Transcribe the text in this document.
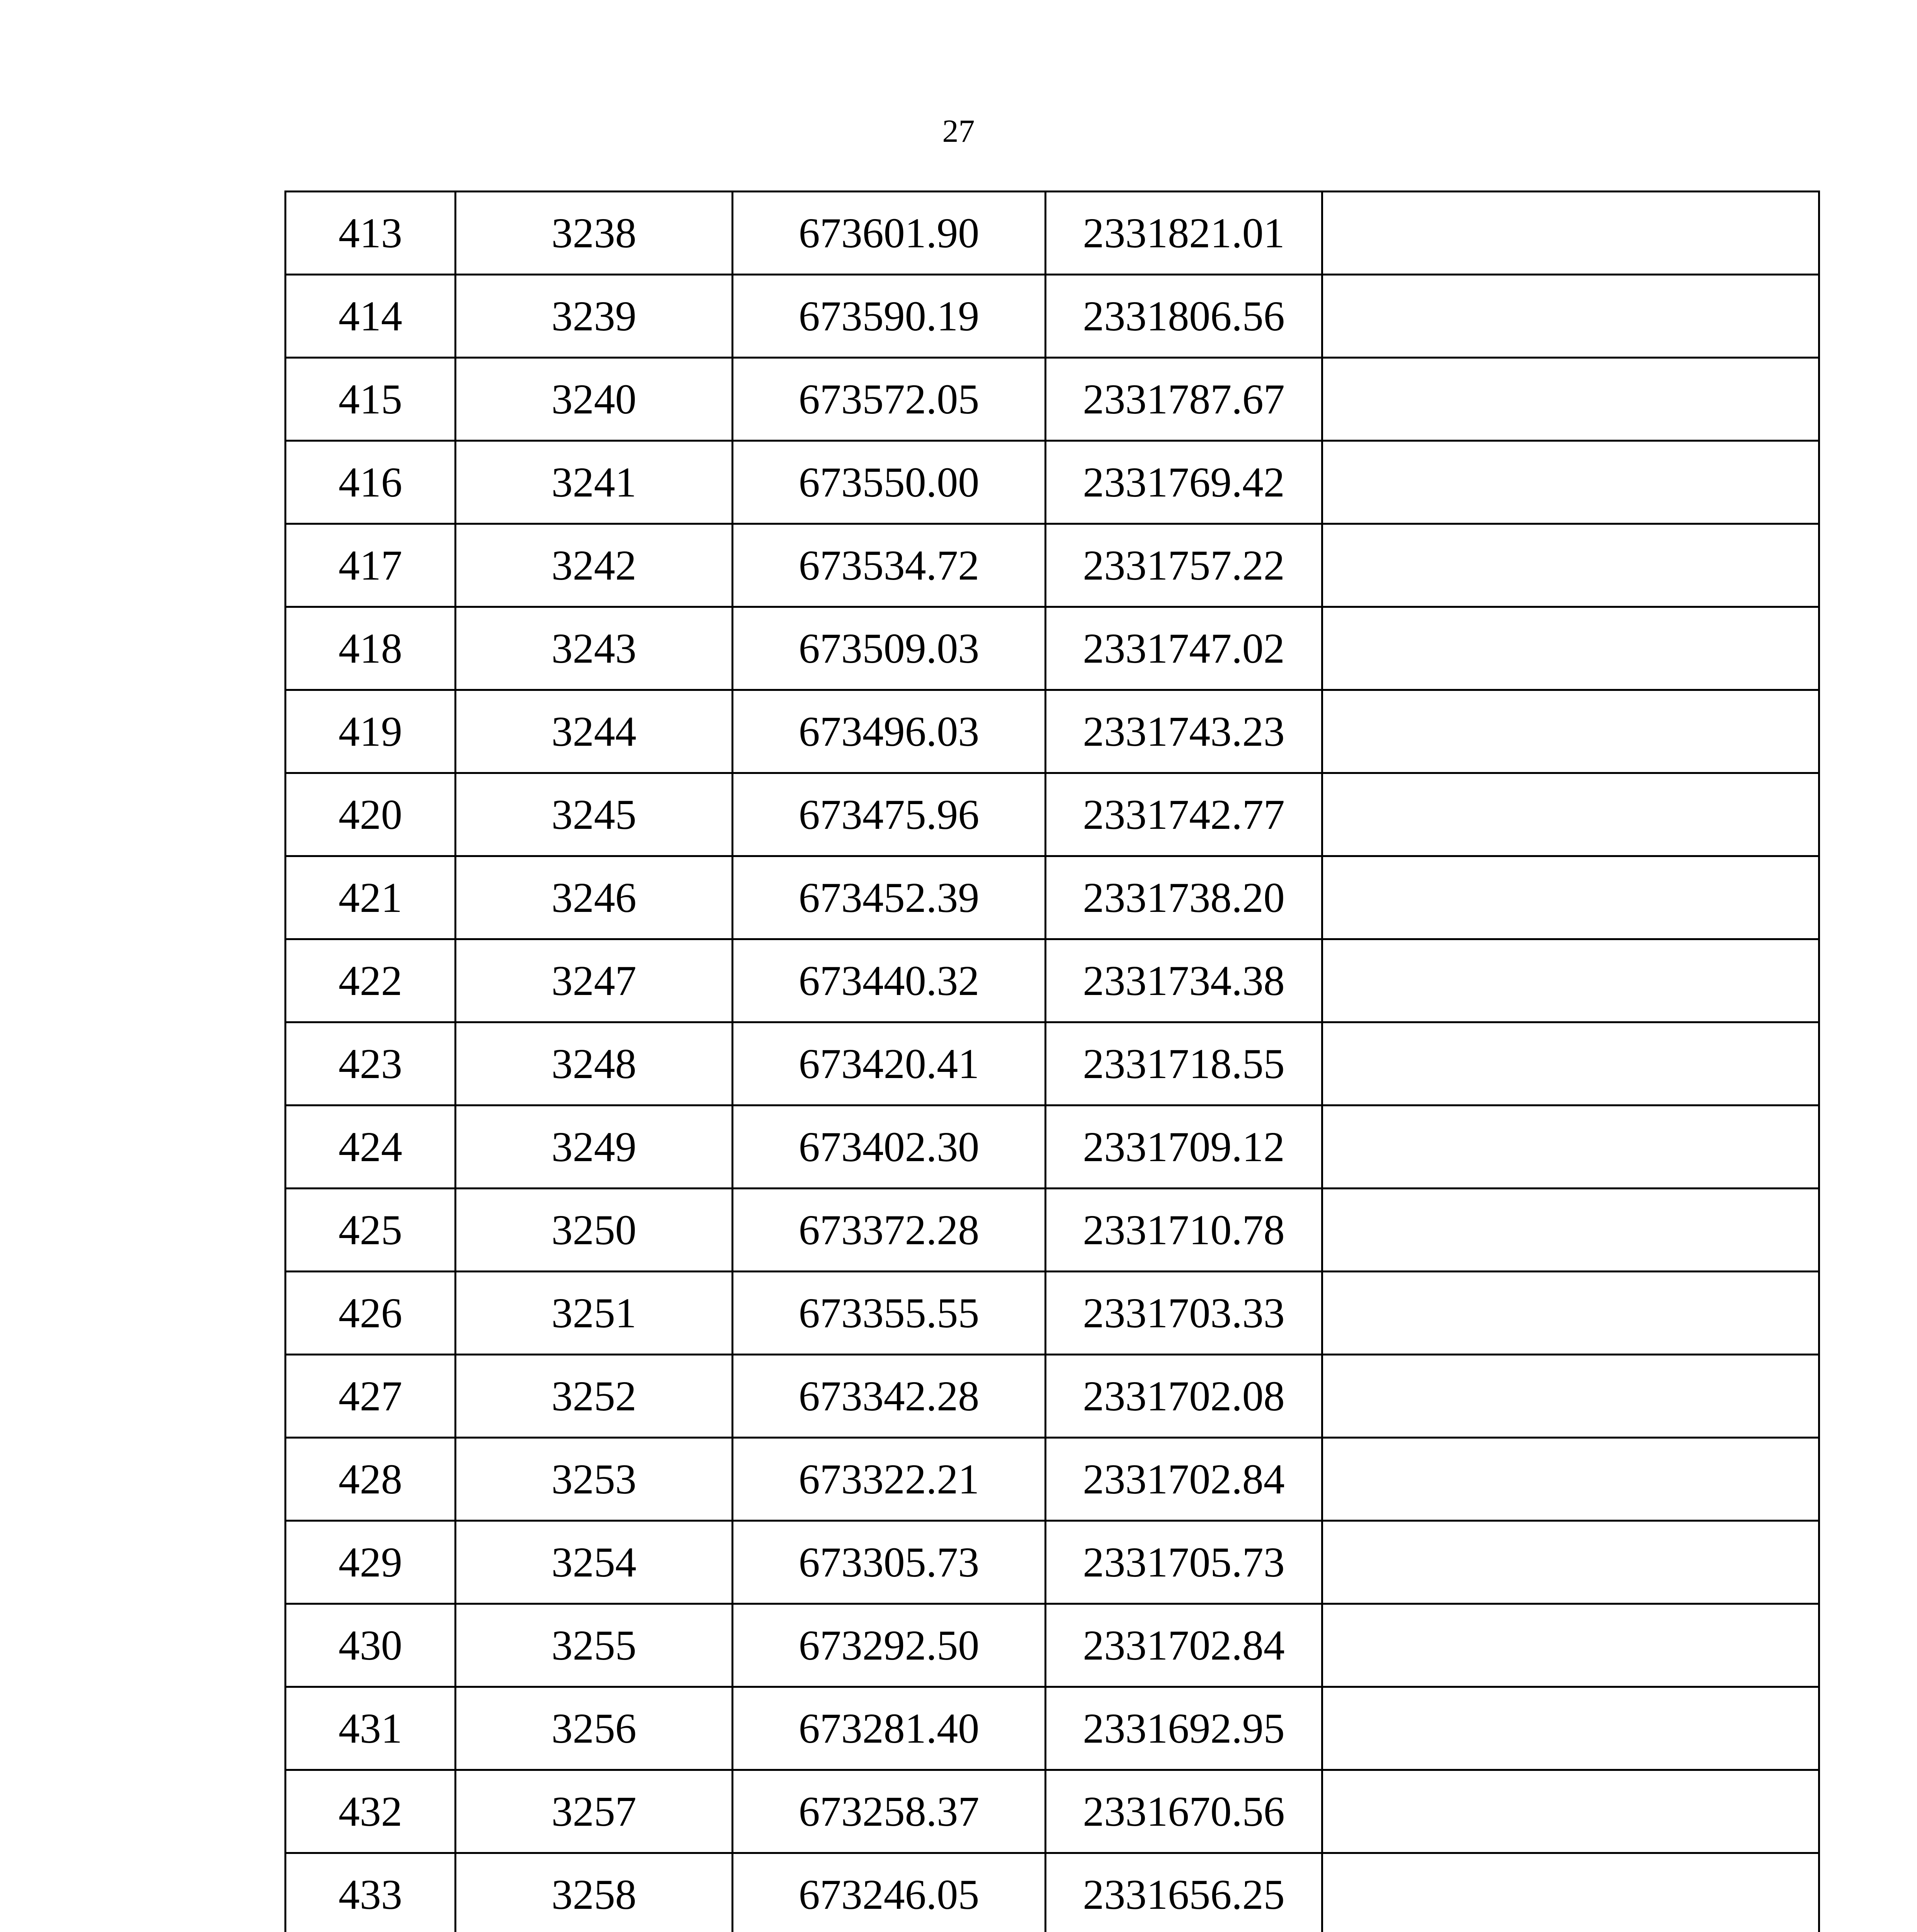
27
413	3238	673601.90	2331821.01	
414	3239	673590.19	2331806.56	
415	3240	673572.05	2331787.67	
416	3241	673550.00	2331769.42	
417	3242	673534.72	2331757.22	
418	3243	673509.03	2331747.02	
419	3244	673496.03	2331743.23	
420	3245	673475.96	2331742.77	
421	3246	673452.39	2331738.20	
422	3247	673440.32	2331734.38	
423	3248	673420.41	2331718.55	
424	3249	673402.30	2331709.12	
425	3250	673372.28	2331710.78	
426	3251	673355.55	2331703.33	
427	3252	673342.28	2331702.08	
428	3253	673322.21	2331702.84	
429	3254	673305.73	2331705.73	
430	3255	673292.50	2331702.84	
431	3256	673281.40	2331692.95	
432	3257	673258.37	2331670.56	
433	3258	673246.05	2331656.25	
